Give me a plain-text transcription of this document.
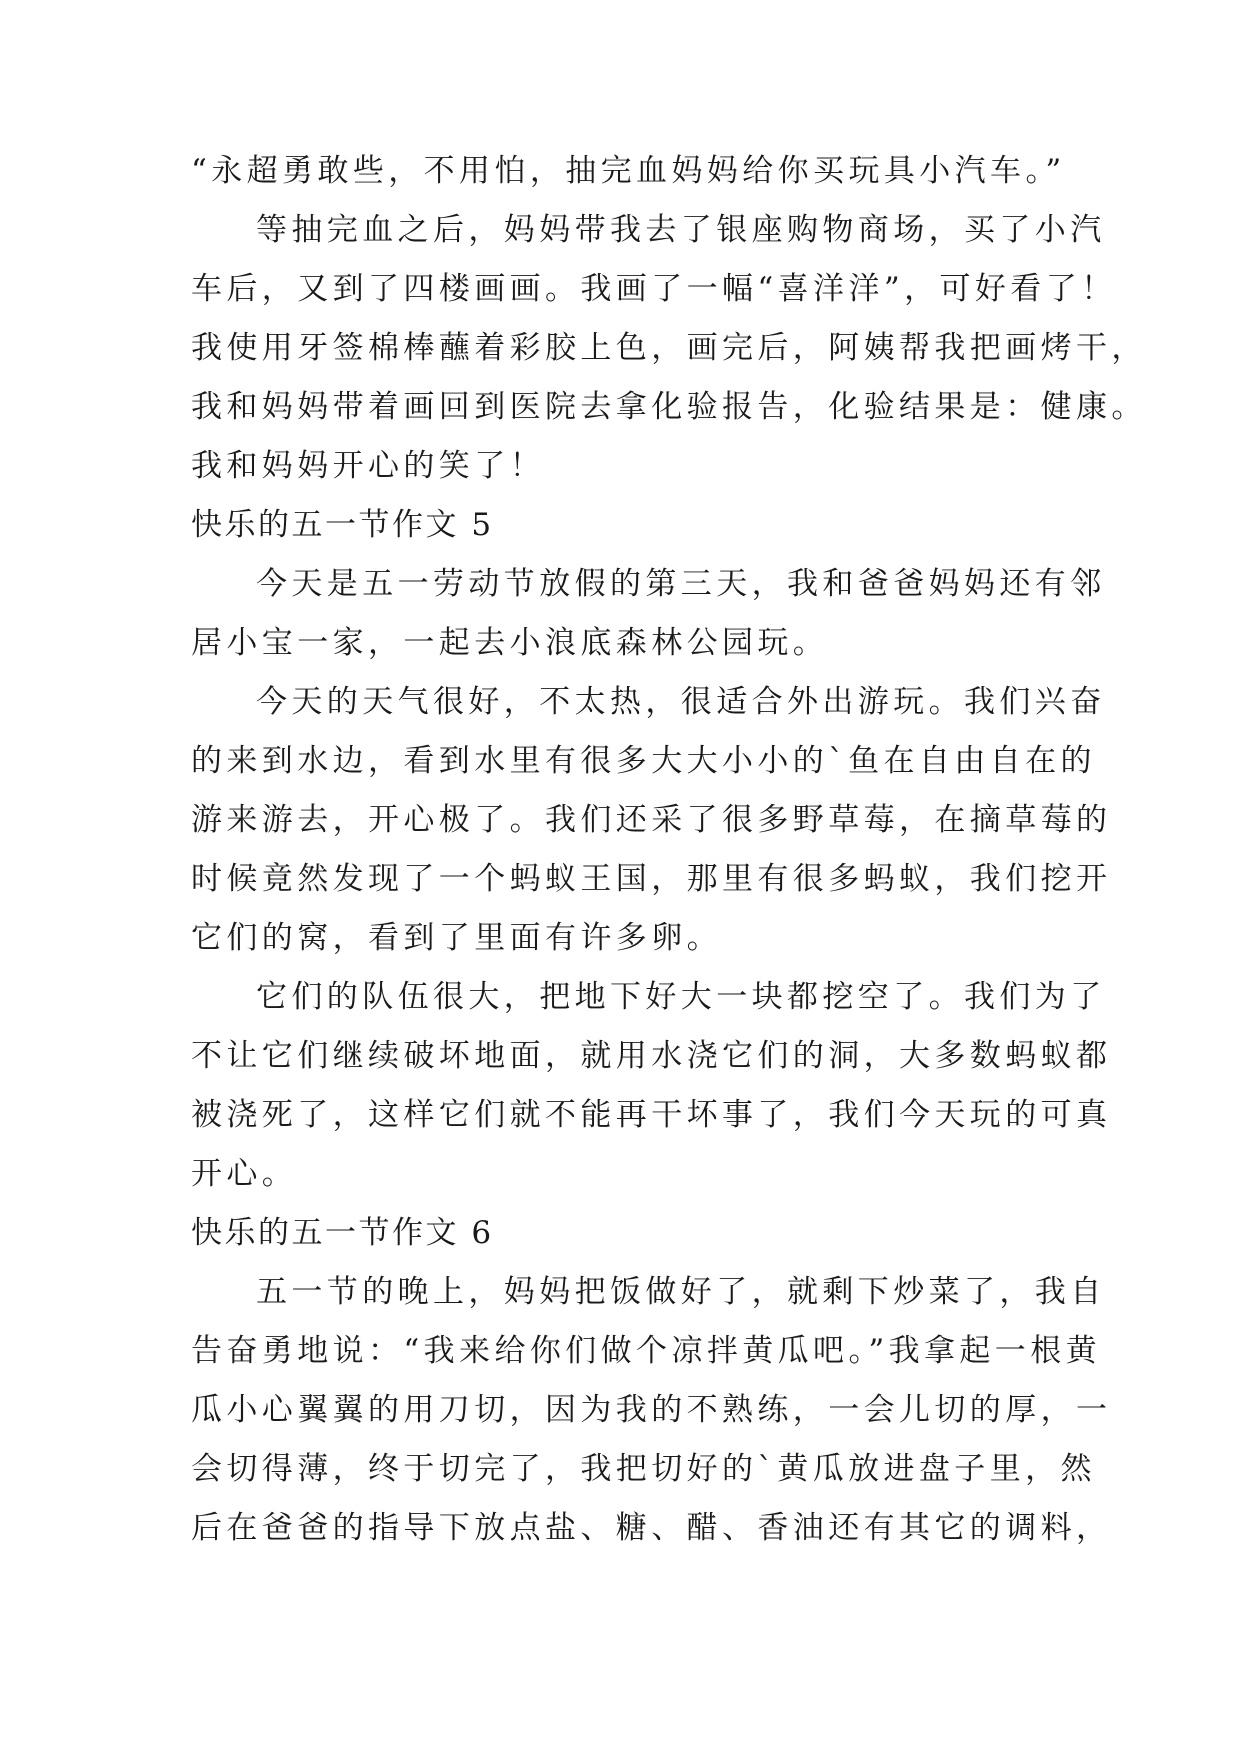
“永超勇敢些，不用怕，抽完血妈妈给你买玩具小汽车。”
等抽完血之后，妈妈带我去了银座购物商场，买了小汽
车后，又到了四楼画画。我画了一幅“喜洋洋”，可好看了！
我使用牙签棉棒蘸着彩胶上色，画完后，阿姨帮我把画烤干，
我和妈妈带着画回到医院去拿化验报告，化验结果是：健康。
我和妈妈开心的笑了！
快乐的五一节作文 5
今天是五一劳动节放假的第三天，我和爸爸妈妈还有邻
居小宝一家，一起去小浪底森林公园玩。
今天的天气很好，不太热，很适合外出游玩。我们兴奋
的来到水边，看到水里有很多大大小小的`鱼在自由自在的
游来游去，开心极了。我们还采了很多野草莓，在摘草莓的
时候竟然发现了一个蚂蚁王国，那里有很多蚂蚁，我们挖开
它们的窝，看到了里面有许多卵。
它们的队伍很大，把地下好大一块都挖空了。我们为了
不让它们继续破坏地面，就用水浇它们的洞，大多数蚂蚁都
被浇死了，这样它们就不能再干坏事了，我们今天玩的可真
开心。
快乐的五一节作文 6
五一节的晚上，妈妈把饭做好了，就剩下炒菜了，我自
告奋勇地说：“我来给你们做个凉拌黄瓜吧。”我拿起一根黄
瓜小心翼翼的用刀切，因为我的不熟练，一会儿切的厚，一
会切得薄，终于切完了，我把切好的`黄瓜放进盘子里，然
后在爸爸的指导下放点盐、糖、醋、香油还有其它的调料，
